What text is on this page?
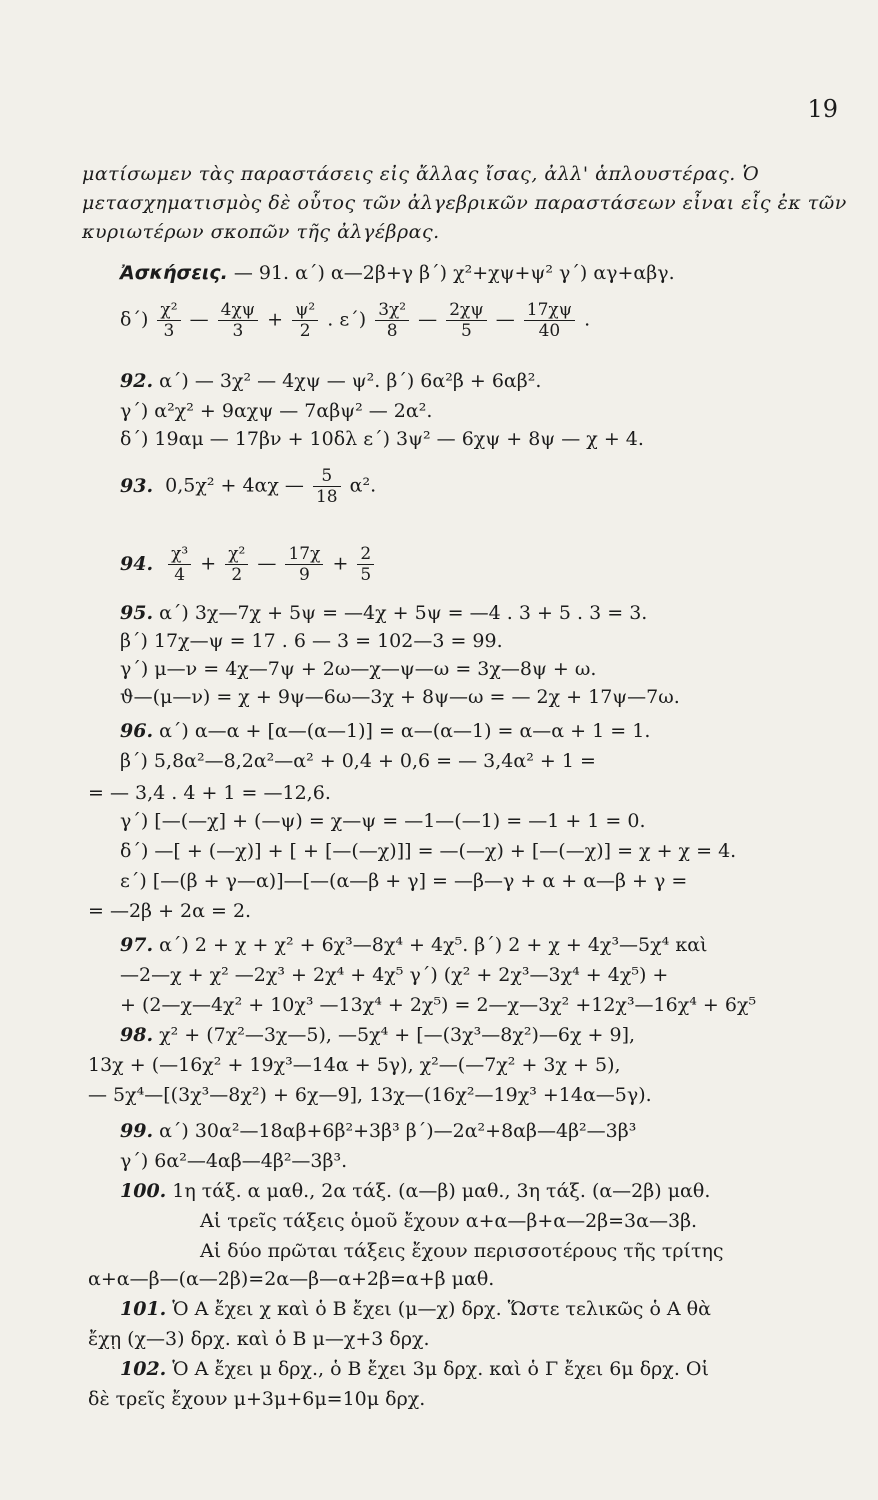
19
ματίσωμεν τὰς παραστάσεις εἰς ἄλλας ἴσας, ἀλλ' ἁπλουστέρας. Ὁ μετασχηματισμὸς δὲ οὗτος τῶν ἀλγεβρικῶν παραστάσεων εἶναι εἷς ἐκ τῶν κυριωτέρων σκοπῶν τῆς ἀλγέβρας.
Ἀσκήσεις. — 91. α΄) α—2β+γ β΄) χ²+χψ+ψ² γ΄) αγ+αβγ.
$\delta΄) \frac{\text{χ²}}{3}$ — $\frac{4\chi\psi}{3} + \frac{\text{ψ²}}{2}$ . $\varepsilon΄) \frac{\text{3χ²}}{8}$ — $\frac{2\chi\psi}{5}$ — $\frac{17\chi\psi}{40}$ .
92. α΄) — 3χ² — 4χψ — ψ². β΄) 6α²β + 6αβ².
γ΄) α²χ² + 9αχψ — 7αβψ² — 2α².
δ΄) 19αμ — 17βν + 10δλ ε΄) 3ψ² — 6χψ + 8ψ — χ + 4.
93. 0,5χ² + 4αχ — $\frac{5}{18} \alpha^2$.
94. $\frac{\text{χ³}}{4} + \frac{\text{χ²}}{2}$ — $\frac{17\chi}{9} + \frac{2}{5}$
95. α΄) 3χ—7χ + 5ψ = —4χ + 5ψ = —4 . 3 + 5 . 3 = 3.
β΄) 17χ—ψ = 17 . 6 — 3 = 102—3 = 99.
γ΄) μ—ν = 4χ—7ψ + 2ω—χ—ψ—ω = 3χ—8ψ + ω.
ϑ—(μ—ν) = χ + 9ψ—6ω—3χ + 8ψ—ω = — 2χ + 17ψ—7ω.
96. α΄) α—α + [α—(α—1)] = α—(α—1) = α—α + 1 = 1.
β΄) 5,8α²—8,2α²—α² + 0,4 + 0,6 = — 3,4α² + 1 =
= — 3,4 . 4 + 1 = —12,6.
γ΄) [—(—χ] + (—ψ) = χ—ψ = —1—(—1) = —1 + 1 = 0.
δ΄) —[ + (—χ)] + [ + [—(—χ)]] = —(—χ) + [—(—χ)] = χ + χ = 4.
ε΄) [—(β + γ—α)]—[—(α—β + γ] = —β—γ + α + α—β + γ =
= —2β + 2α = 2.
97. α΄) 2 + χ + χ² + 6χ³—8χ⁴ + 4χ⁵. β΄) 2 + χ + 4χ³—5χ⁴ καὶ
—2—χ + χ² —2χ³ + 2χ⁴ + 4χ⁵ γ΄) (χ² + 2χ³—3χ⁴ + 4χ⁵) +
+ (2—χ—4χ² + 10χ³ —13χ⁴ + 2χ⁵) = 2—χ—3χ² +12χ³—16χ⁴ + 6χ⁵
98. χ² + (7χ²—3χ—5), —5χ⁴ + [—(3χ³—8χ²)—6χ + 9],
13χ + (—16χ² + 19χ³—14α + 5γ), χ²—(—7χ² + 3χ + 5),
— 5χ⁴—[(3χ³—8χ²) + 6χ—9], 13χ—(16χ²—19χ³ +14α—5γ).
99. α΄) 30α²—18αβ+6β²+3β³ β΄)—2α²+8αβ—4β²—3β³
γ΄) 6α²—4αβ—4β²—3β³.
100. 1η τάξ. α μαθ., 2α τάξ. (α—β) μαθ., 3η τάξ. (α—2β) μαθ.
Αἱ τρεῖς τάξεις ὁμοῦ ἔχουν α+α—β+α—2β=3α—3β.
Αἱ δύο πρῶται τάξεις ἔχουν περισσοτέρους τῆς τρίτης
α+α—β—(α—2β)=2α—β—α+2β=α+β μαθ.
101. Ὁ Α ἔχει χ καὶ ὁ Β ἔχει (μ—χ) δρχ. Ὥστε τελικῶς ὁ Α θὰ
ἔχῃ (χ—3) δρχ. καὶ ὁ Β μ—χ+3 δρχ.
102. Ὁ Α ἔχει μ δρχ., ὁ Β ἔχει 3μ δρχ. καὶ ὁ Γ ἔχει 6μ δρχ. Οἱ
δὲ τρεῖς ἔχουν μ+3μ+6μ=10μ δρχ.
